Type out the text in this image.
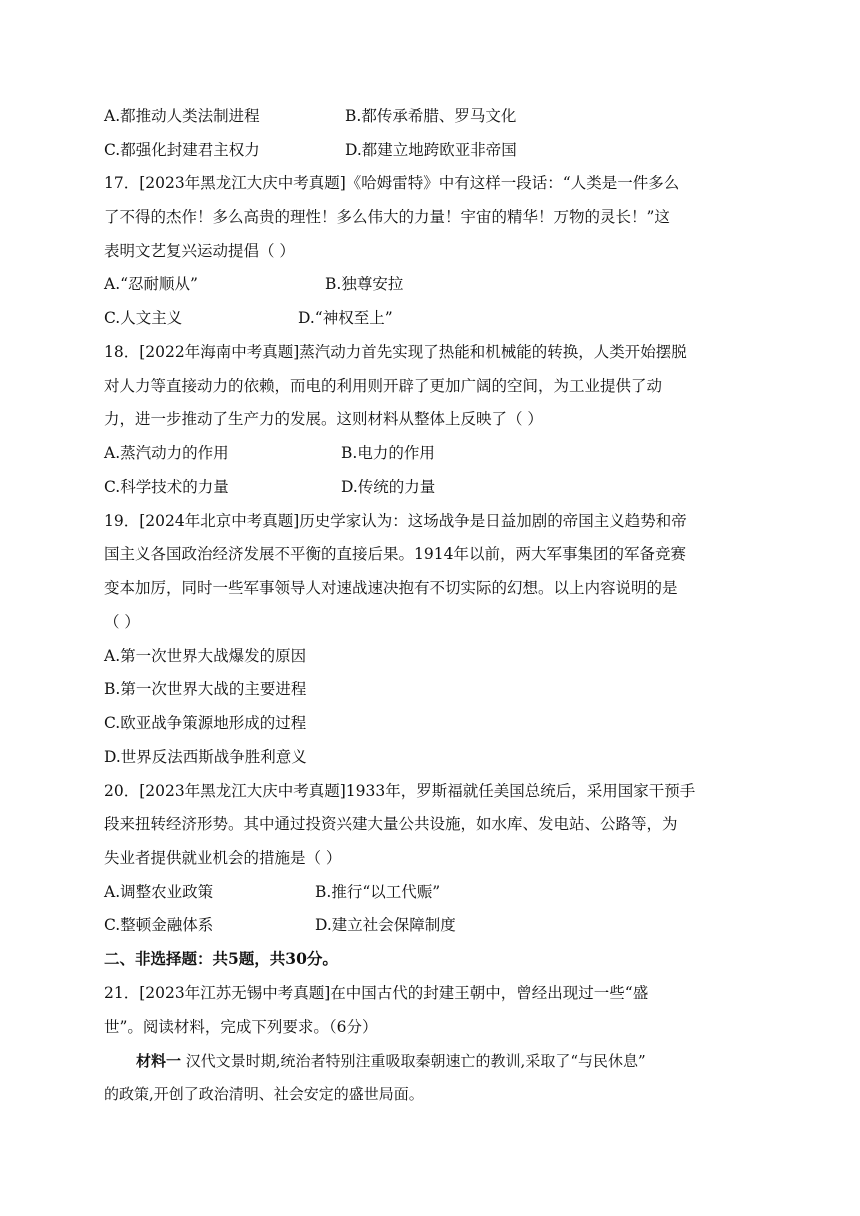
A.都推动人类法制进程	B.都传承希腊、罗马文化
C.都强化封建君主权力	D.都建立地跨欧亚非帝国
17．[2023年黑龙江大庆中考真题]《哈姆雷特》中有这样一段话：“人类是一件多么
了不得的杰作！多么高贵的理性！多么伟大的力量！宇宙的精华！万物的灵长！”这
表明文艺复兴运动提倡（ ）
A.“忍耐顺从”	B.独尊安拉
C.人文主义	D.“神权至上”
18．[2022年海南中考真题]蒸汽动力首先实现了热能和机械能的转换，人类开始摆脱
对人力等直接动力的依赖，而电的利用则开辟了更加广阔的空间，为工业提供了动
力，进一步推动了生产力的发展。这则材料从整体上反映了（ ）
A.蒸汽动力的作用	B.电力的作用
C.科学技术的力量	D.传统的力量
19．[2024年北京中考真题]历史学家认为：这场战争是日益加剧的帝国主义趋势和帝
国主义各国政治经济发展不平衡的直接后果。1914年以前，两大军事集团的军备竞赛
变本加厉，同时一些军事领导人对速战速决抱有不切实际的幻想。以上内容说明的是
（ ）
A.第一次世界大战爆发的原因
B.第一次世界大战的主要进程
C.欧亚战争策源地形成的过程
D.世界反法西斯战争胜利意义
20．[2023年黑龙江大庆中考真题]1933年，罗斯福就任美国总统后，采用国家干预手
段来扭转经济形势。其中通过投资兴建大量公共设施，如水库、发电站、公路等，为
失业者提供就业机会的措施是（ ）
A.调整农业政策	B.推行“以工代赈”
C.整顿金融体系	D.建立社会保障制度
二、非选择题：共5题，共30分。
21．[2023年江苏无锡中考真题]在中国古代的封建王朝中，曾经出现过一些“盛
世”。阅读材料，完成下列要求。（6分）
材料一 汉代文景时期,统治者特别注重吸取秦朝速亡的教训,采取了“与民休息”
的政策,开创了政治清明、社会安定的盛世局面。
